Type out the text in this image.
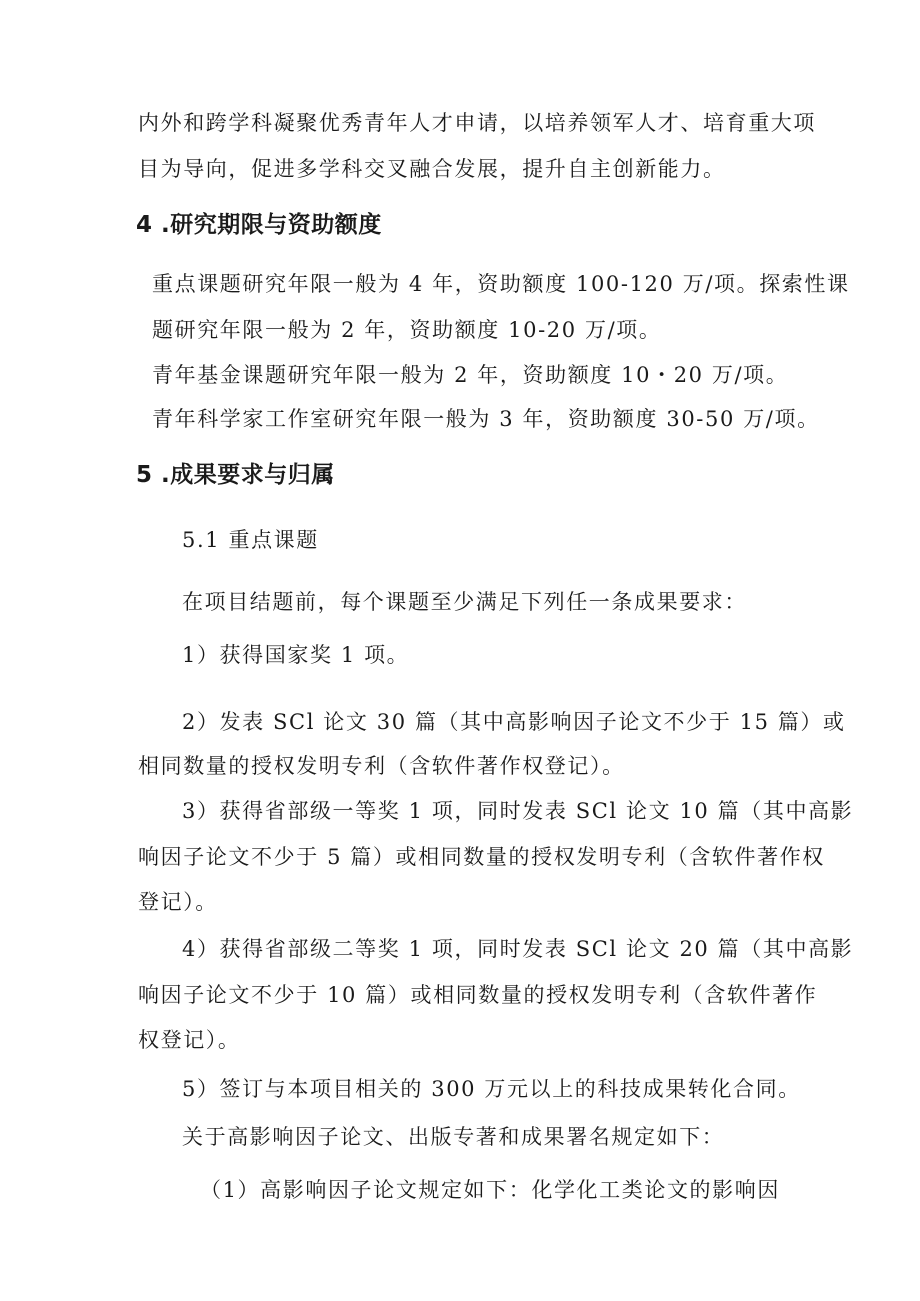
内外和跨学科凝聚优秀青年人才申请，以培养领军人才、培育重大项
目为导向，促进多学科交叉融合发展，提升自主创新能力。
4 .研究期限与资助额度
重点课题研究年限一般为 4 年，资助额度 100-120 万/项。探索性课
题研究年限一般为 2 年，资助额度 10-20 万/项。
青年基金课题研究年限一般为 2 年，资助额度 10・20 万/项。
青年科学家工作室研究年限一般为 3 年，资助额度 30-50 万/项。
5 .成果要求与归属
5.1 重点课题
在项目结题前，每个课题至少满足下列任一条成果要求：
1）获得国家奖 1 项。
2）发表 SCl 论文 30 篇（其中高影响因子论文不少于 15 篇）或
相同数量的授权发明专利（含软件著作权登记）。
3）获得省部级一等奖 1 项，同时发表 SCl 论文 10 篇（其中高影
响因子论文不少于 5 篇）或相同数量的授权发明专利（含软件著作权
登记）。
4）获得省部级二等奖 1 项，同时发表 SCl 论文 20 篇（其中高影
响因子论文不少于 10 篇）或相同数量的授权发明专利（含软件著作
权登记）。
5）签订与本项目相关的 300 万元以上的科技成果转化合同。
关于高影响因子论文、出版专著和成果署名规定如下：
（1）高影响因子论文规定如下：化学化工类论文的影响因
